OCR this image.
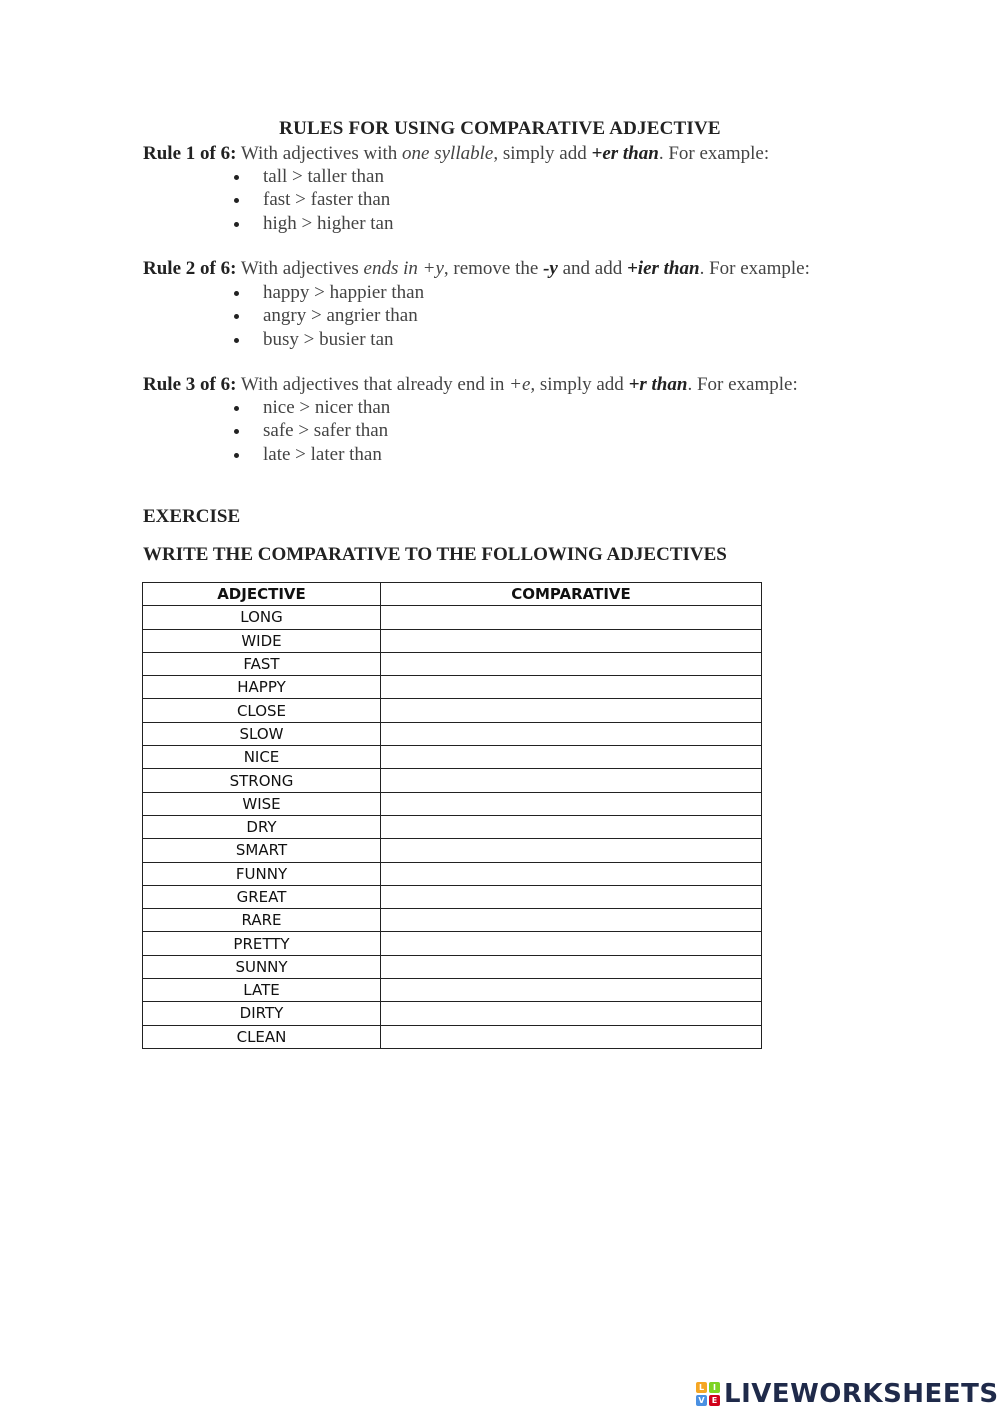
RULES FOR USING COMPARATIVE ADJECTIVE
Rule 1 of 6: With adjectives with one syllable, simply add +er than. For example:
tall > taller than
fast > faster than
high > higher tan
Rule 2 of 6: With adjectives ends in +y, remove the -y and add +ier than. For example:
happy > happier than
angry > angrier than
busy > busier tan
Rule 3 of 6: With adjectives that already end in +e, simply add +r than. For example:
nice > nicer than
safe > safer than
late > later than
EXERCISE
WRITE THE COMPARATIVE TO THE FOLLOWING ADJECTIVES
ADJECTIVE	COMPARATIVE
LONG	
WIDE	
FAST	
HAPPY	
CLOSE	
SLOW	
NICE	
STRONG	
WISE	
DRY	
SMART	
FUNNY	
GREAT	
RARE	
PRETTY	
SUNNY	
LATE	
DIRTY	
CLEAN	
L	I
V E LIVEWORKSHEETS
